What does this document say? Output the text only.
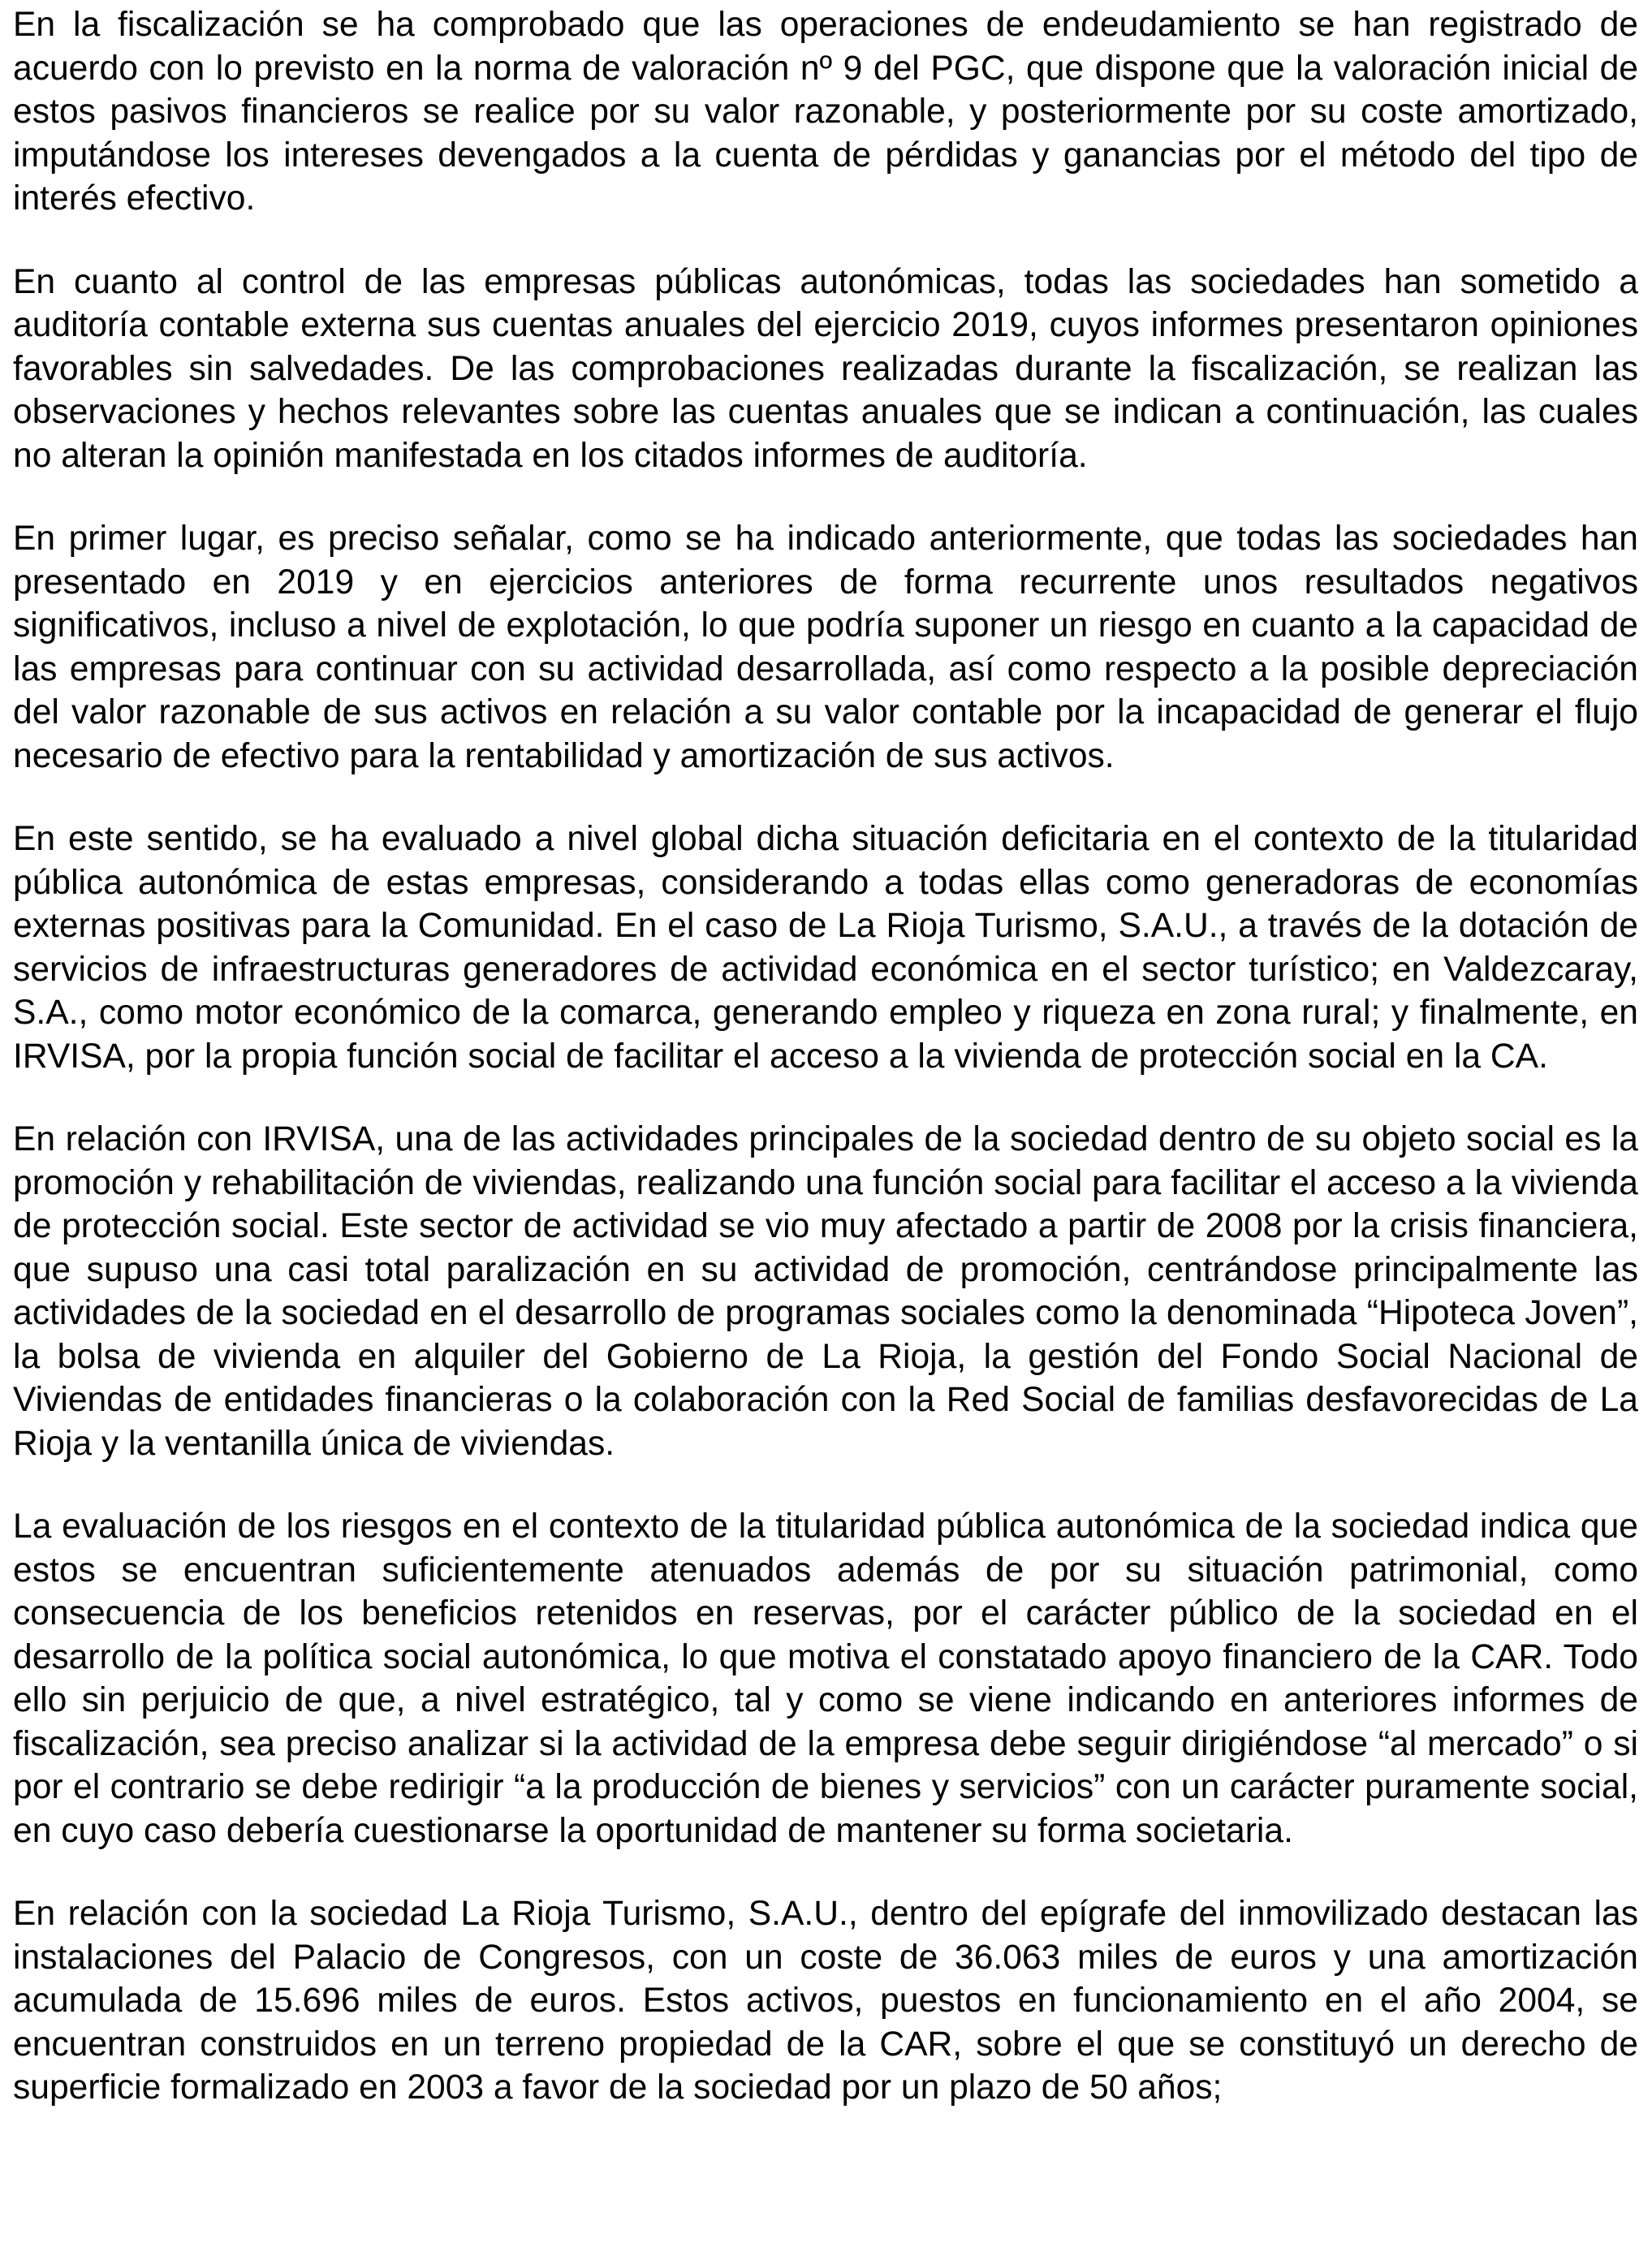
En la fiscalización se ha comprobado que las operaciones de endeudamiento se han registrado de acuerdo con lo previsto en la norma de valoración nº 9 del PGC, que dispone que la valoración inicial de estos pasivos financieros se realice por su valor razonable, y posteriormente por su coste amortizado, imputándose los intereses devengados a la cuenta de pérdidas y ganancias por el método del tipo de interés efectivo.

En cuanto al control de las empresas públicas autonómicas, todas las sociedades han sometido a auditoría contable externa sus cuentas anuales del ejercicio 2019, cuyos informes presentaron opiniones favorables sin salvedades. De las comprobaciones realizadas durante la fiscalización, se realizan las observaciones y hechos relevantes sobre las cuentas anuales que se indican a continuación, las cuales no alteran la opinión manifestada en los citados informes de auditoría.

En primer lugar, es preciso señalar, como se ha indicado anteriormente, que todas las sociedades han presentado en 2019 y en ejercicios anteriores de forma recurrente unos resultados negativos significativos, incluso a nivel de explotación, lo que podría suponer un riesgo en cuanto a la capacidad de las empresas para continuar con su actividad desarrollada, así como respecto a la posible depreciación del valor razonable de sus activos en relación a su valor contable por la incapacidad de generar el flujo necesario de efectivo para la rentabilidad y amortización de sus activos.

En este sentido, se ha evaluado a nivel global dicha situación deficitaria en el contexto de la titularidad pública autonómica de estas empresas, considerando a todas ellas como generadoras de economías externas positivas para la Comunidad. En el caso de La Rioja Turismo, S.A.U., a través de la dotación de servicios de infraestructuras generadores de actividad económica en el sector turístico; en Valdezcaray, S.A., como motor económico de la comarca, generando empleo y riqueza en zona rural; y finalmente, en IRVISA, por la propia función social de facilitar el acceso a la vivienda de protección social en la CA.

En relación con IRVISA, una de las actividades principales de la sociedad dentro de su objeto social es la promoción y rehabilitación de viviendas, realizando una función social para facilitar el acceso a la vivienda de protección social. Este sector de actividad se vio muy afectado a partir de 2008 por la crisis financiera, que supuso una casi total paralización en su actividad de promoción, centrándose principalmente las actividades de la sociedad en el desarrollo de programas sociales como la denominada “Hipoteca Joven”, la bolsa de vivienda en alquiler del Gobierno de La Rioja, la gestión del Fondo Social Nacional de Viviendas de entidades financieras o la colaboración con la Red Social de familias desfavorecidas de La Rioja y la ventanilla única de viviendas.

La evaluación de los riesgos en el contexto de la titularidad pública autonómica de la sociedad indica que estos se encuentran suficientemente atenuados además de por su situación patrimonial, como consecuencia de los beneficios retenidos en reservas, por el carácter público de la sociedad en el desarrollo de la política social autonómica, lo que motiva el constatado apoyo financiero de la CAR. Todo ello sin perjuicio de que, a nivel estratégico, tal y como se viene indicando en anteriores informes de fiscalización, sea preciso analizar si la actividad de la empresa debe seguir dirigiéndose “al mercado” o si por el contrario se debe redirigir “a la producción de bienes y servicios” con un carácter puramente social, en cuyo caso debería cuestionarse la oportunidad de mantener su forma societaria.

En relación con la sociedad La Rioja Turismo, S.A.U., dentro del epígrafe del inmovilizado destacan las instalaciones del Palacio de Congresos, con un coste de 36.063 miles de euros y una amortización acumulada de 15.696 miles de euros. Estos activos, puestos en funcionamiento en el año 2004, se encuentran construidos en un terreno propiedad de la CAR, sobre el que se constituyó un derecho de superficie formalizado en 2003 a favor de la sociedad por un plazo de 50 años;
